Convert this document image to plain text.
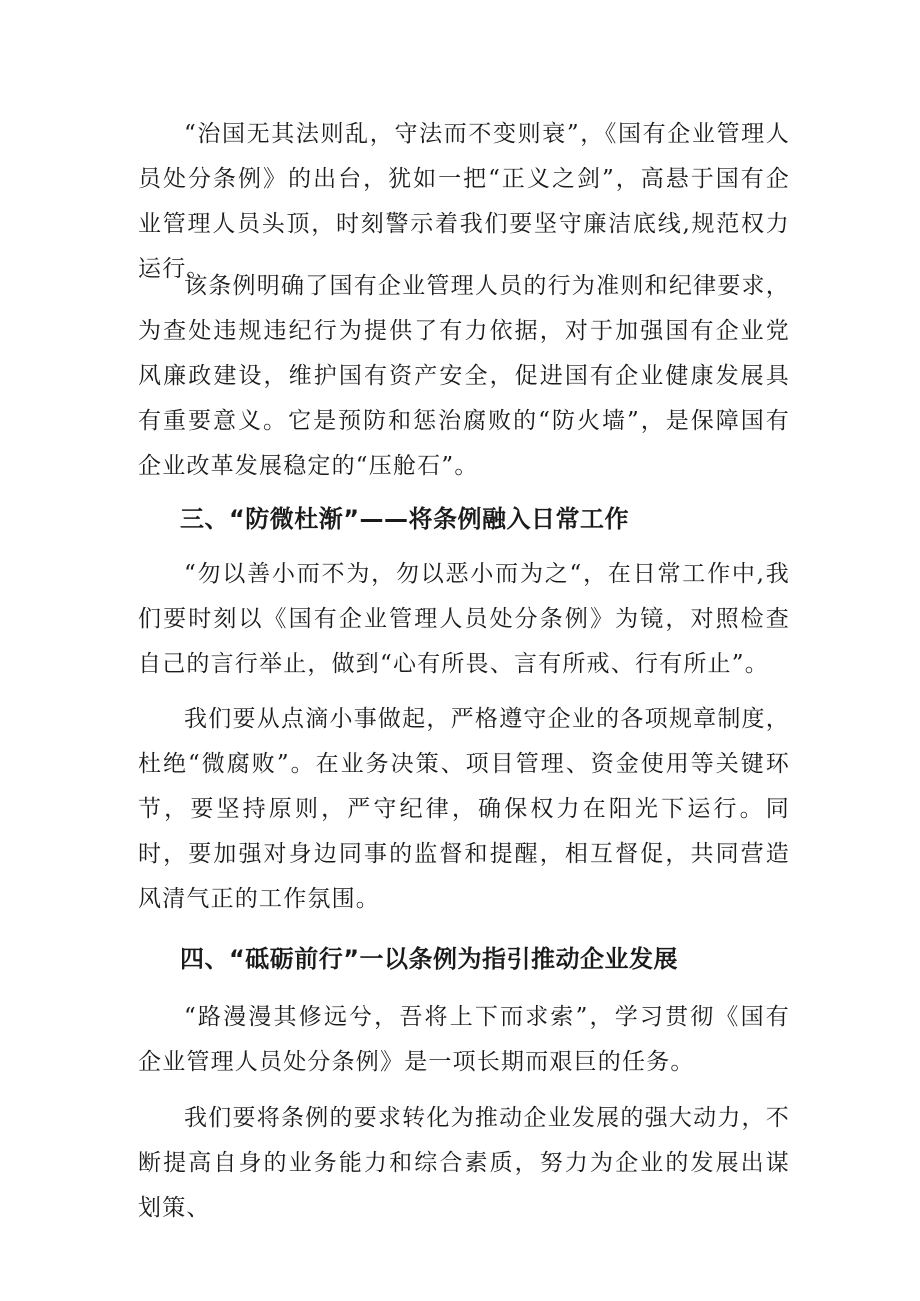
“治国无其法则乱，守法而不变则衰”，《国有企业管理人员处分条例》的出台，犹如一把“正义之剑”，高悬于国有企业管理人员头顶，时刻警示着我们要坚守廉洁底线,规范权力运行。

该条例明确了国有企业管理人员的行为准则和纪律要求，为查处违规违纪行为提供了有力依据，对于加强国有企业党风廉政建设，维护国有资产安全，促进国有企业健康发展具有重要意义。它是预防和惩治腐败的“防火墙”，是保障国有企业改革发展稳定的“压舱石”。

三、“防微杜渐”——将条例融入日常工作

“勿以善小而不为，勿以恶小而为之“，在日常工作中,我们要时刻以《国有企业管理人员处分条例》为镜，对照检查自己的言行举止，做到“心有所畏、言有所戒、行有所止”。

我们要从点滴小事做起，严格遵守企业的各项规章制度，杜绝“微腐败”。在业务决策、项目管理、资金使用等关键环节，要坚持原则，严守纪律，确保权力在阳光下运行。同时，要加强对身边同事的监督和提醒，相互督促，共同营造风清气正的工作氛围。

四、“砥砺前行”一以条例为指引推动企业发展

“路漫漫其修远兮，吾将上下而求索”，学习贯彻《国有企业管理人员处分条例》是一项长期而艰巨的任务。

我们要将条例的要求转化为推动企业发展的强大动力，不断提高自身的业务能力和综合素质，努力为企业的发展出谋划策、
